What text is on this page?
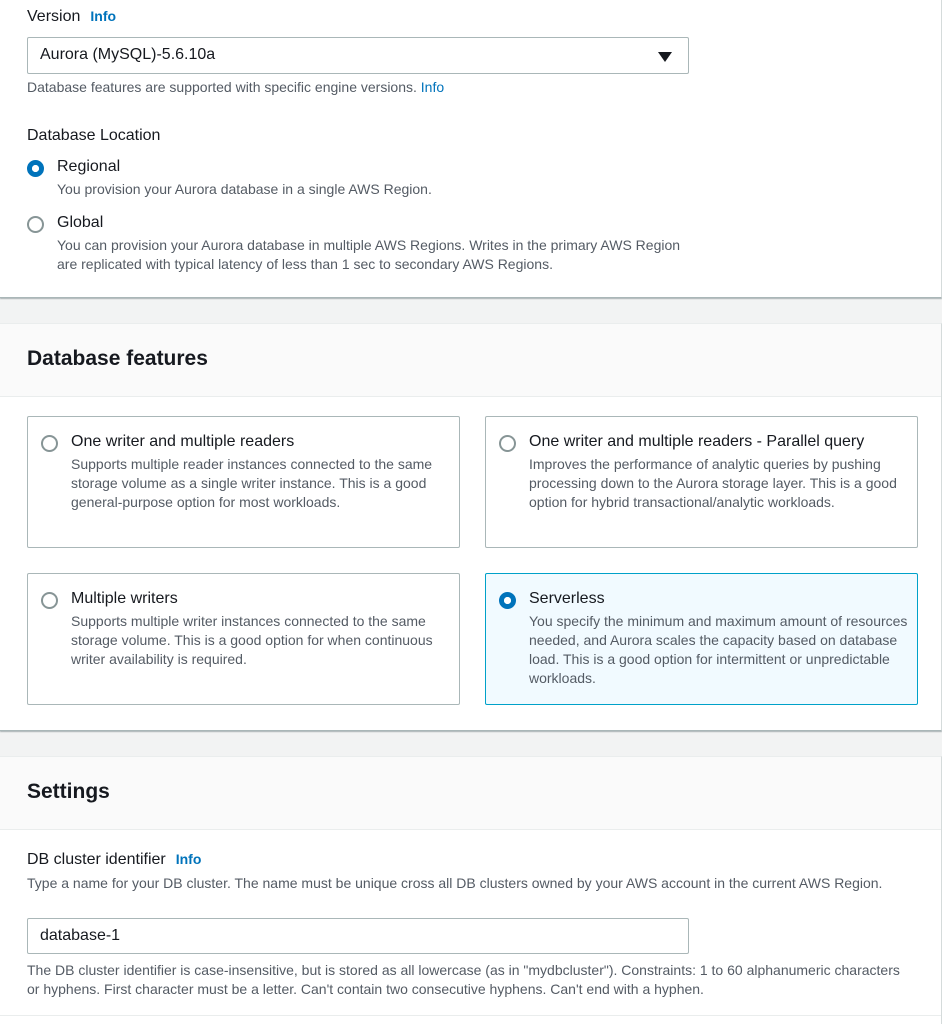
Version Info
Aurora (MySQL)-5.6.10a
Database features are supported with specific engine versions. Info
Database Location
Regional
You provision your Aurora database in a single AWS Region.
Global
You can provision your Aurora database in multiple AWS Regions. Writes in the primary AWS Region are replicated with typical latency of less than 1 sec to secondary AWS Regions.
Database features
One writer and multiple readers
Supports multiple reader instances connected to the same storage volume as a single writer instance. This is a good general-purpose option for most workloads.
One writer and multiple readers - Parallel query
Improves the performance of analytic queries by pushing processing down to the Aurora storage layer. This is a good option for hybrid transactional/analytic workloads.
Multiple writers
Supports multiple writer instances connected to the same storage volume. This is a good option for when continuous writer availability is required.
Serverless
You specify the minimum and maximum amount of resources needed, and Aurora scales the capacity based on database load. This is a good option for intermittent or unpredictable workloads.
Settings
DB cluster identifier Info
Type a name for your DB cluster. The name must be unique cross all DB clusters owned by your AWS account in the current AWS Region.
database-1
The DB cluster identifier is case-insensitive, but is stored as all lowercase (as in "mydbcluster"). Constraints: 1 to 60 alphanumeric characters or hyphens. First character must be a letter. Can't contain two consecutive hyphens. Can't end with a hyphen.
